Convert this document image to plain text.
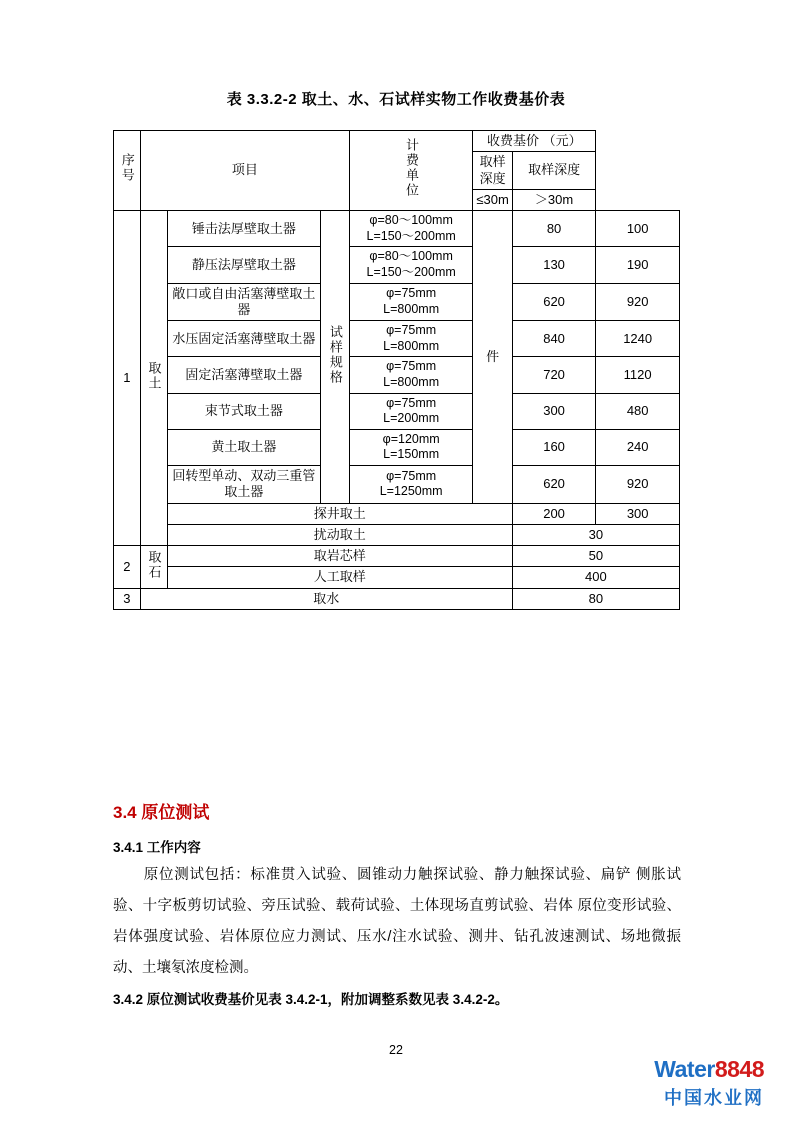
表 3.3.2-2 取土、水、石试样实物工作收费基价表
序号	项目			计费单位	收费基价 （元）		
					取样深度	取样深度	
					≤30m	＞30m	
1	取土	锤击法厚壁取土器	试样规格	φ=80～100mm
L=150～200mm	件	80	100
		静压法厚壁取土器		φ=80～100mm
L=150～200mm		130	190
		敞口或自由活塞薄壁取土器		φ=75mm
L=800mm		620	920
		水压固定活塞薄壁取土器		φ=75mm
L=800mm		840	1240
		固定活塞薄壁取土器		φ=75mm
L=800mm		720	1120
		束节式取土器		φ=75mm
L=200mm		300	480
		黄土取土器		φ=120mm
L=150mm		160	240
		回转型单动、双动三重管取土器		φ=75mm
L=1250mm		620	920
		探井取土				200	300
		扰动取土				30	
2	取石	取岩芯样				50	
		人工取样				400	
3	取水					80	
3.4 原位测试
3.4.1 工作内容
原位测试包括：标准贯入试验、圆锥动力触探试验、静力触探试验、扁铲 侧胀试验、十字板剪切试验、旁压试验、载荷试验、土体现场直剪试验、岩体 原位变形试验、岩体强度试验、岩体原位应力测试、压水/注水试验、测井、钻孔波速测试、场地微振动、土壤氡浓度检测。
3.4.2 原位测试收费基价见表 3.4.2-1，附加调整系数见表 3.4.2-2。
22
Water8848
中国水业网
